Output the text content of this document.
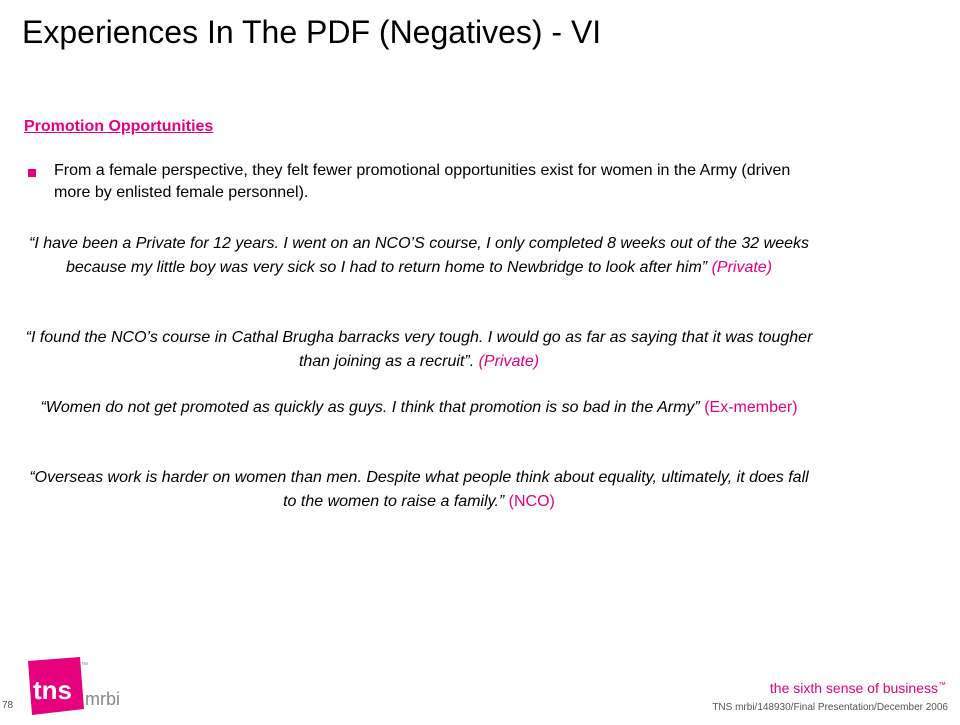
Experiences In The PDF (Negatives) - VI
Promotion Opportunities
From a female perspective, they felt fewer promotional opportunities exist for women in the Army (driven more by enlisted female personnel).
“I have been a Private for 12 years. I went on an NCO’S course, I only completed 8 weeks out of the 32 weeks because my little boy was very sick so I had to return home to Newbridge to look after him” (Private)
“I found the NCO’s course in Cathal Brugha barracks very tough. I would go as far as saying that it was tougher than joining as a recruit”. (Private)
“Women do not get promoted as quickly as guys. I think that promotion is so bad in the Army” (Ex-member)
“Overseas work is harder on women than men. Despite what people think about equality, ultimately, it does fall to the women to raise a family.” (NCO)
tns mrbi
™
78
the sixth sense of business™
TNS mrbi/148930/Final Presentation/December 2006
